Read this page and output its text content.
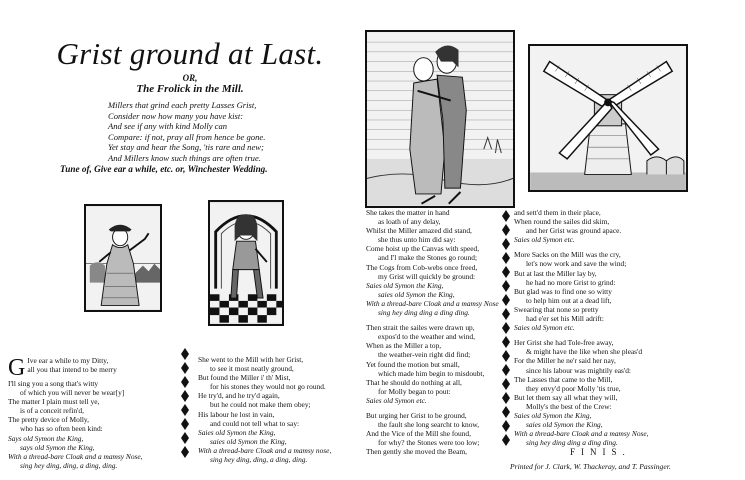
Grist ground at Last.
OR,
The Frolick in the Mill.
Millers that grind each pretty Lasses Grist,
Consider now how many you have kist:
And see if any with kind Molly can
Compare: if not, pray all from hence be gone.
Yet stay and hear the Song, 'tis rare and new;
And Millers know such things are often true.
Tune of, Give ear a while, etc. or, Winchester Wedding.
G Ive ear a while to my Ditty,
all you that intend to be merry
I'll sing you a song that's witty
of which you will never be wear[y]
The matter I plain must tell ye,
is of a conceit refin'd,
The pretty device of Molly,
who has so often been kind:
Says old Symon the King,
says old Symon the King,
With a thread-bare Cloak and a mamsy Nose,
sing hey ding, ding, a ding, ding.
She went to the Mill with her Grist,
to see it most neatly ground,
But found the Miller i' th' Mist,
for his stones they would not go round.
He try'd, and he try'd again,
but he could not make them obey;
His labour he lost in vain,
and could not tell what to say:
Saies old Symon the King,
saies old Symon the King,
With a thread-bare Cloak and a mamsy nose,
sing hey ding, ding, a ding, ding.
She takes the matter in hand
as loath of any delay,
Whilst the Miller amazed did stand,
she thus unto him did say:
Come hoist up the Canvas with speed,
and I'l make the Stones go round;
The Cogs from Cob-webs once freed,
my Grist will quickly be ground:
Saies old Symon the King,
saies old Symon the King,
With a thread-bare Cloak and a mamsy Nose
sing hey ding ding a ding ding.
Then strait the sailes were drawn up,
expos'd to the weather and wind,
When as the Miller a top,
the weather-vein right did find;
Yet found the motion but small,
which made him begin to misdoubt,
That he should do nothing at all,
for Molly began to pout:
Saies old Symon etc.
But urging her Grist to be ground,
the fault she long searcht to know,
And the Vice of the Mill she found,
for why? the Stones were too low;
Then gently she moved the Beam,
and sett'd them in their place,
When round the sailes did skim,
and her Grist was ground apace.
Saies old Symon etc.
More Sacks on the Mill was the cry,
let's now work and save the wind;
But at last the Miller lay by,
he had no more Grist to grind:
But glad was to find one so witty
to help him out at a dead lift,
Swearing that none so pretty
had e'er set his Mill adrift:
Saies old Symon etc.
Her Grist she had Tole-free away,
& might have the like when she pleas'd
For the Miller he ne'r said her nay,
since his labour was mightily eas'd:
The Lasses that came to the Mill,
they envy'd poor Molly 'tis true,
But let them say all what they will,
Molly's the best of the Crew:
Saies old Symon the King,
saies old Symon the King,
With a thread-bare Cloak and a mamsy Nose,
sing hey ding ding a ding ding.
FINIS.
Printed for J. Clark, W. Thackeray, and T. Passinger.
